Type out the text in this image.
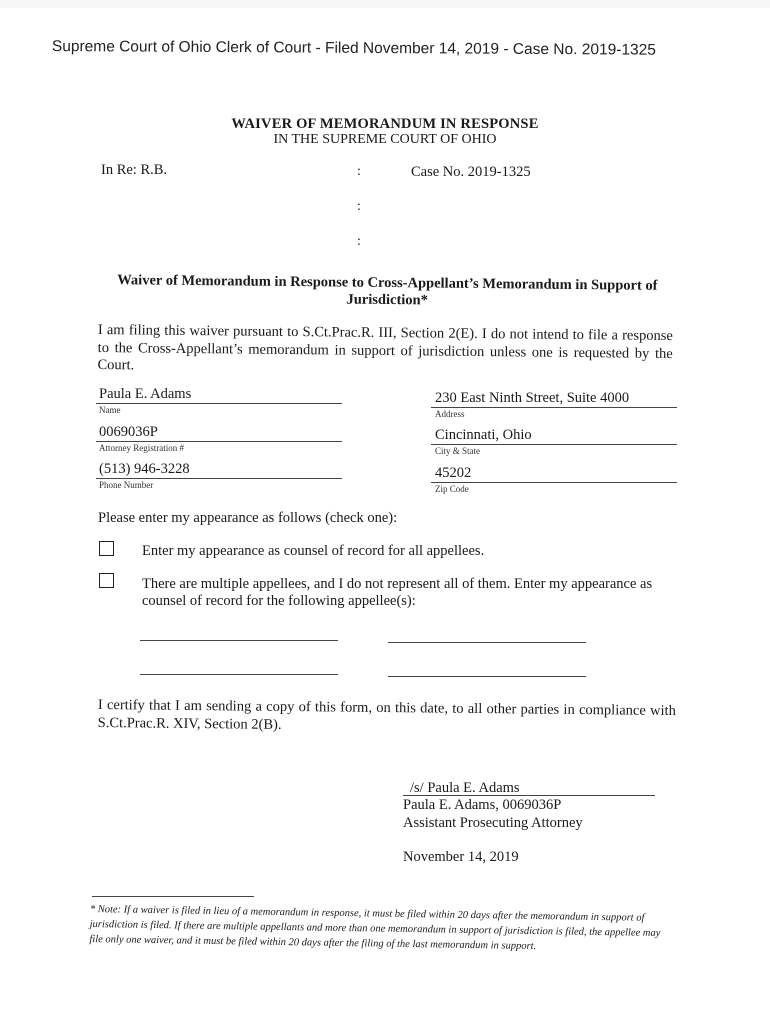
Supreme Court of Ohio Clerk of Court - Filed November 14, 2019 - Case No. 2019-1325
WAIVER OF MEMORANDUM IN RESPONSE
IN THE SUPREME COURT OF OHIO
In Re: R.B.	:
:
:
Case No. 2019-1325
Waiver of Memorandum in Response to Cross-Appellant’s Memorandum in Support of Jurisdiction*
I am filing this waiver pursuant to S.Ct.Prac.R. III, Section 2(E). I do not intend to file a response to the Cross-Appellant’s memorandum in support of jurisdiction unless one is requested by the Court.
Paula E. Adams
Name
0069036P
Attorney Registration #
(513) 946-3228
Phone Number
230 East Ninth Street, Suite 4000
Address
Cincinnati, Ohio
City & State
45202
Zip Code
Please enter my appearance as follows (check one):
Enter my appearance as counsel of record for all appellees.
There are multiple appellees, and I do not represent all of them. Enter my appearance as counsel of record for the following appellee(s):
I certify that I am sending a copy of this form, on this date, to all other parties in compliance with S.Ct.Prac.R. XIV, Section 2(B).
/s/ Paula E. Adams
Paula E. Adams, 0069036P
Assistant Prosecuting Attorney
November 14, 2019
* Note: If a waiver is filed in lieu of a memorandum in response, it must be filed within 20 days after the memorandum in support of jurisdiction is filed. If there are multiple appellants and more than one memorandum in support of jurisdiction is filed, the appellee may file only one waiver, and it must be filed within 20 days after the filing of the last memorandum in support.
